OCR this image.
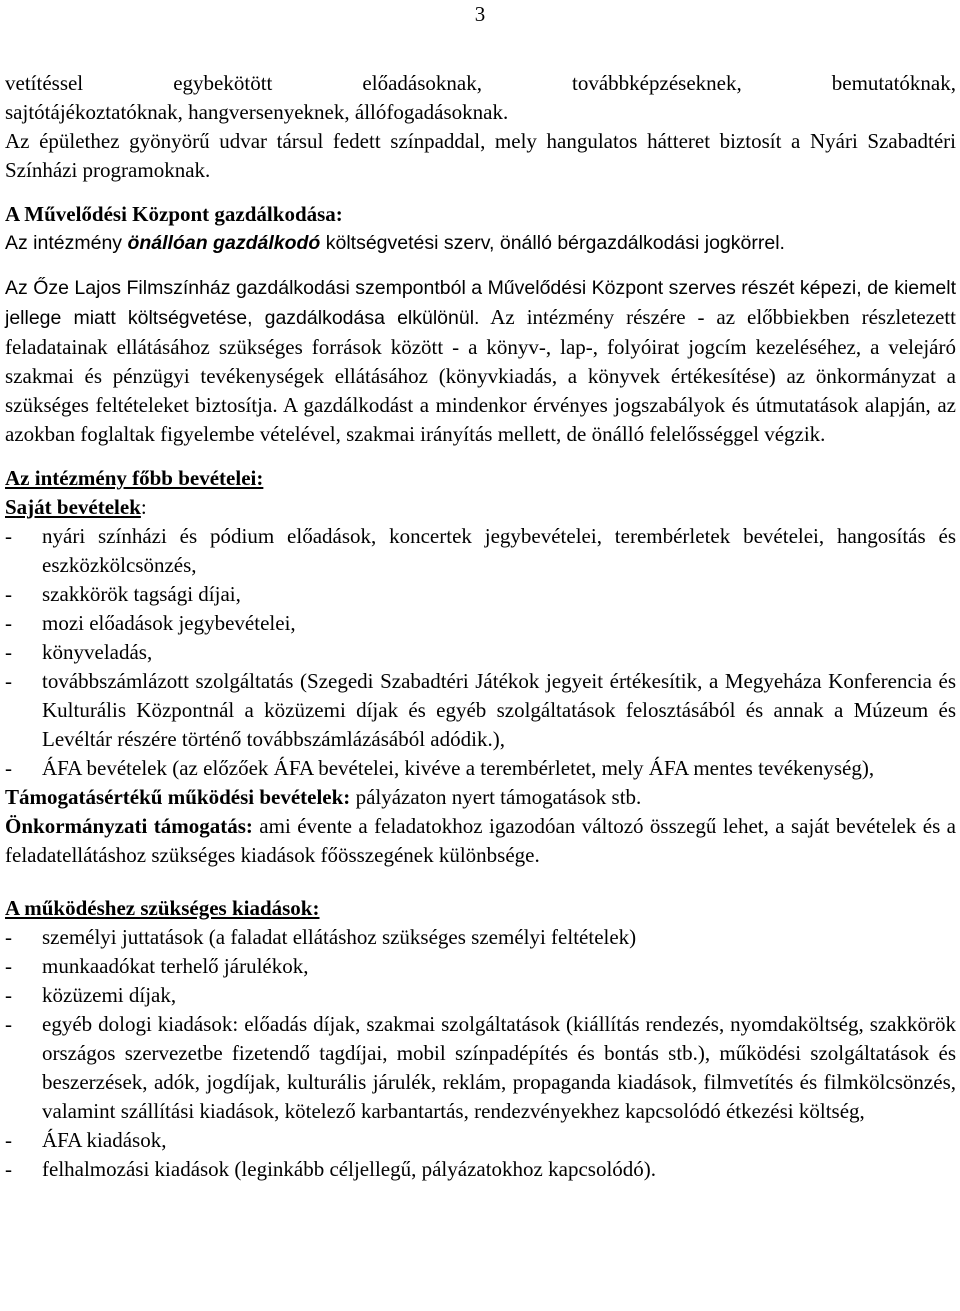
3

vetítéssel egybekötött előadásoknak, továbbképzéseknek, bemutatóknak,

sajtótájékoztatóknak, hangversenyeknek, állófogadásoknak.

Az épülethez gyönyörű udvar társul fedett színpaddal, mely hangulatos hátteret biztosít a Nyári Szabadtéri Színházi programoknak.

A Művelődési Központ gazdálkodása:

Az intézmény önállóan gazdálkodó költségvetési szerv, önálló bérgazdálkodási jogkörrel.

Az Őze Lajos Filmszínház gazdálkodási szempontból a Művelődési Központ szerves részét képezi, de kiemelt jellege miatt költségvetése, gazdálkodása elkülönül. Az intézmény részére - az előbbiekben részletezett feladatainak ellátásához szükséges források között - a könyv-, lap-, folyóirat jogcím kezeléséhez, a velejáró szakmai és pénzügyi tevékenységek ellátásához (könyvkiadás, a könyvek értékesítése) az önkormányzat a szükséges feltételeket biztosítja. A gazdálkodást a mindenkor érvényes jogszabályok és útmutatások alapján, az azokban foglaltak figyelembe vételével, szakmai irányítás mellett, de önálló felelősséggel végzik.

Az intézmény főbb bevételei:

Saját bevételek:

- nyári színházi és pódium előadások, koncertek jegybevételei, terembérletek bevételei, hangosítás és eszközkölcsönzés,
- szakkörök tagsági díjai,
- mozi előadások jegybevételei,
- könyveladás,
- továbbszámlázott szolgáltatás (Szegedi Szabadtéri Játékok jegyeit értékesítik, a Megyeháza Konferencia és Kulturális Központnál a közüzemi díjak és egyéb szolgáltatások felosztásából és annak a Múzeum és Levéltár részére történő továbbszámlázásából adódik.),
- ÁFA bevételek (az előzőek ÁFA bevételei, kivéve a terembérletet, mely ÁFA mentes tevékenység),

Támogatásértékű működési bevételek: pályázaton nyert támogatások stb.

Önkormányzati támogatás: ami évente a feladatokhoz igazodóan változó összegű lehet, a saját bevételek és a feladatellátáshoz szükséges kiadások főösszegének különbsége.

A működéshez szükséges kiadások:

- személyi juttatások (a faladat ellátáshoz szükséges személyi feltételek)
- munkaadókat terhelő járulékok,
- közüzemi díjak,
- egyéb dologi kiadások: előadás díjak, szakmai szolgáltatások (kiállítás rendezés, nyomdaköltség, szakkörök országos szervezetbe fizetendő tagdíjai, mobil színpadépítés és bontás stb.), működési szolgáltatások és beszerzések, adók, jogdíjak, kulturális járulék, reklám, propaganda kiadások, filmvetítés és filmkölcsönzés, valamint szállítási kiadások, kötelező karbantartás, rendezvényekhez kapcsolódó étkezési költség,
- ÁFA kiadások,
- felhalmozási kiadások (leginkább céljellegű, pályázatokhoz kapcsolódó).
